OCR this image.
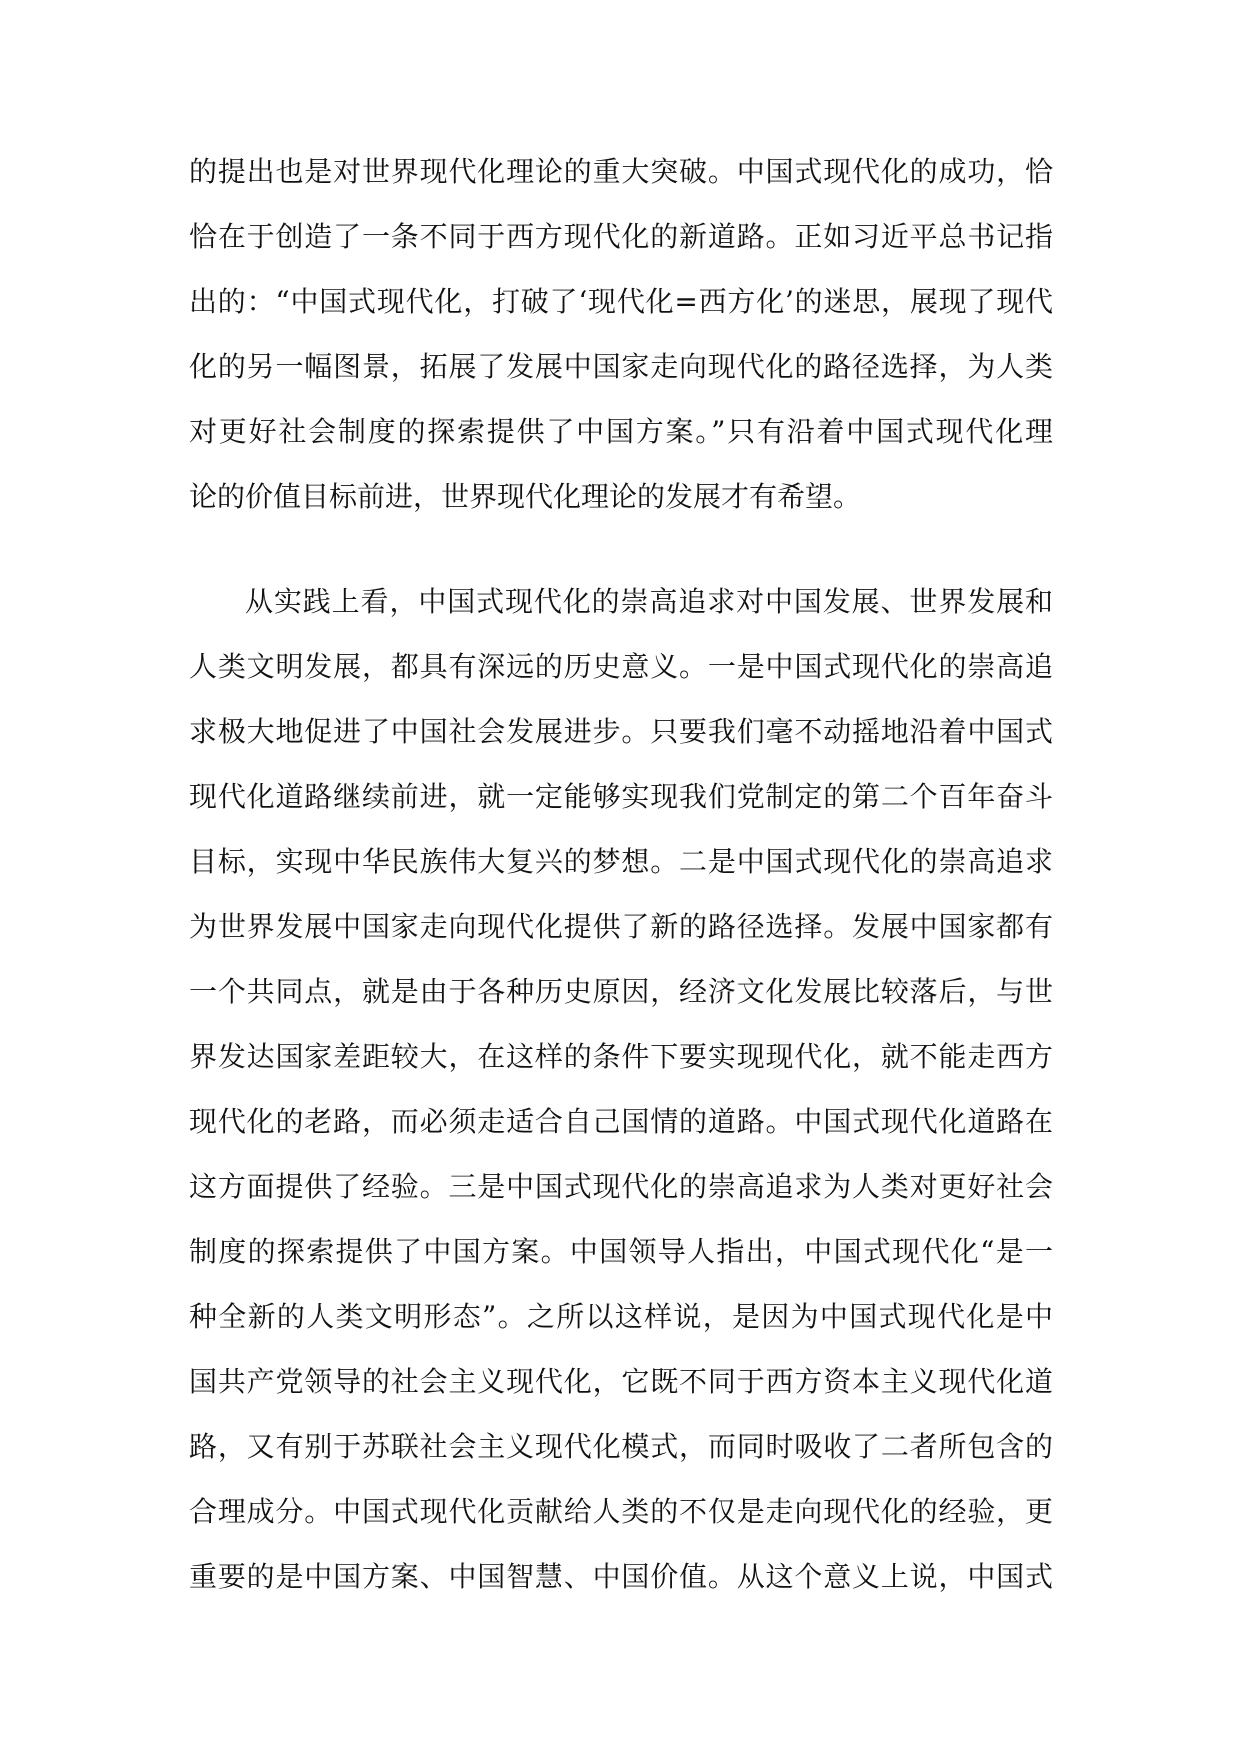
的提出也是对世界现代化理论的重大突破。中国式现代化的成功，恰
恰在于创造了一条不同于西方现代化的新道路。正如习近平总书记指
出的：“中国式现代化，打破了‘现代化=西方化’的迷思，展现了现代
化的另一幅图景，拓展了发展中国家走向现代化的路径选择，为人类
对更好社会制度的探索提供了中国方案。”只有沿着中国式现代化理
论的价值目标前进，世界现代化理论的发展才有希望。
从实践上看，中国式现代化的崇高追求对中国发展、世界发展和
人类文明发展，都具有深远的历史意义。一是中国式现代化的崇高追
求极大地促进了中国社会发展进步。只要我们毫不动摇地沿着中国式
现代化道路继续前进，就一定能够实现我们党制定的第二个百年奋斗
目标，实现中华民族伟大复兴的梦想。二是中国式现代化的崇高追求
为世界发展中国家走向现代化提供了新的路径选择。发展中国家都有
一个共同点，就是由于各种历史原因，经济文化发展比较落后，与世
界发达国家差距较大，在这样的条件下要实现现代化，就不能走西方
现代化的老路，而必须走适合自己国情的道路。中国式现代化道路在
这方面提供了经验。三是中国式现代化的崇高追求为人类对更好社会
制度的探索提供了中国方案。中国领导人指出，中国式现代化“是一
种全新的人类文明形态”。之所以这样说，是因为中国式现代化是中
国共产党领导的社会主义现代化，它既不同于西方资本主义现代化道
路，又有别于苏联社会主义现代化模式，而同时吸收了二者所包含的
合理成分。中国式现代化贡献给人类的不仅是走向现代化的经验，更
重要的是中国方案、中国智慧、中国价值。从这个意义上说，中国式
